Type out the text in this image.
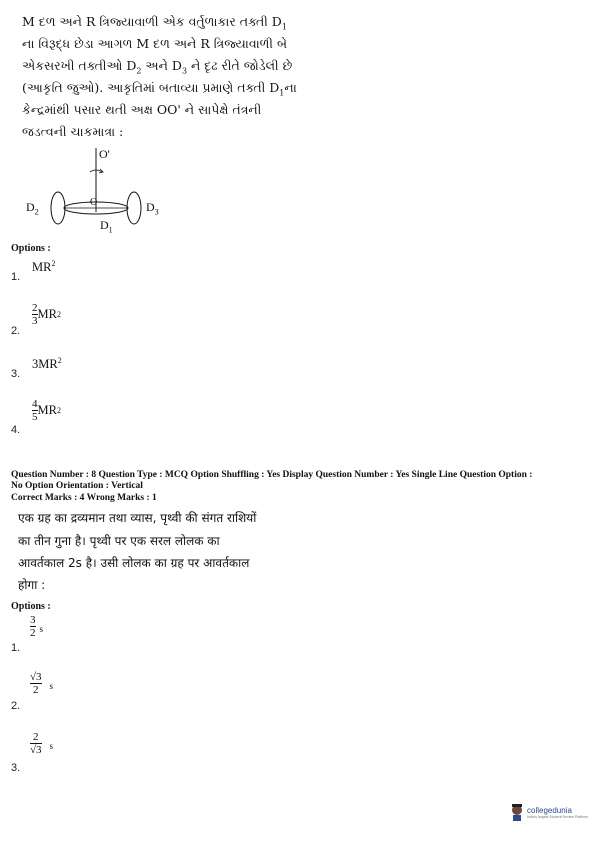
M દળ અને R ત્રિજ્યાવાળી એક વર્તુળાકાર તક્તી $D_1$
ના વિરૂદ્ધ છેડા આગળ M દળ અને R ત્રિજ્યાવાળી બે
એકસરખી તક્તીઓ $D_2$ અને $D_3$ ને દૃઢ રીતે જોડેલી છે
(આકૃતિ જુઓ). આકૃતિમાં બતાવ્યા પ્રમાણે તક્તી $D_1ના$
કેન્દ્રમાંથી પસાર થતી અક્ષ OO' ને સાપેક્ષે તંત્રની
જડત્વની ચાકમાત્રા :
O'
O
$D_2$	$D_3$
$D_1$
Options :
1.
$MR^2$
2.
$\frac{2}{3}$ MR 2
3.
$3MR^2$
4.
$\frac{4}{5}$ MR 2
Question Number : 8 Question Type : MCQ Option Shuffling : Yes Display Question Number : Yes Single Line Question Option :
No Option Orientation : Vertical
Correct Marks : 4 Wrong Marks : 1
एक ग्रह का द्रव्यमान तथा व्यास, पृथ्वी की संगत राशियों
का तीन गुना है। पृथ्वी पर एक सरल लोलक का
आवर्तकाल 2s है। उसी लोलक का ग्रह पर आवर्तकाल
होगा :
Options :
1.
$\frac{3}{2}$ s
2.
$\frac{√3}{2}$ s
3.
$\frac{2}{√3}$ s
collegedunia
India's largest Student Review Platform
